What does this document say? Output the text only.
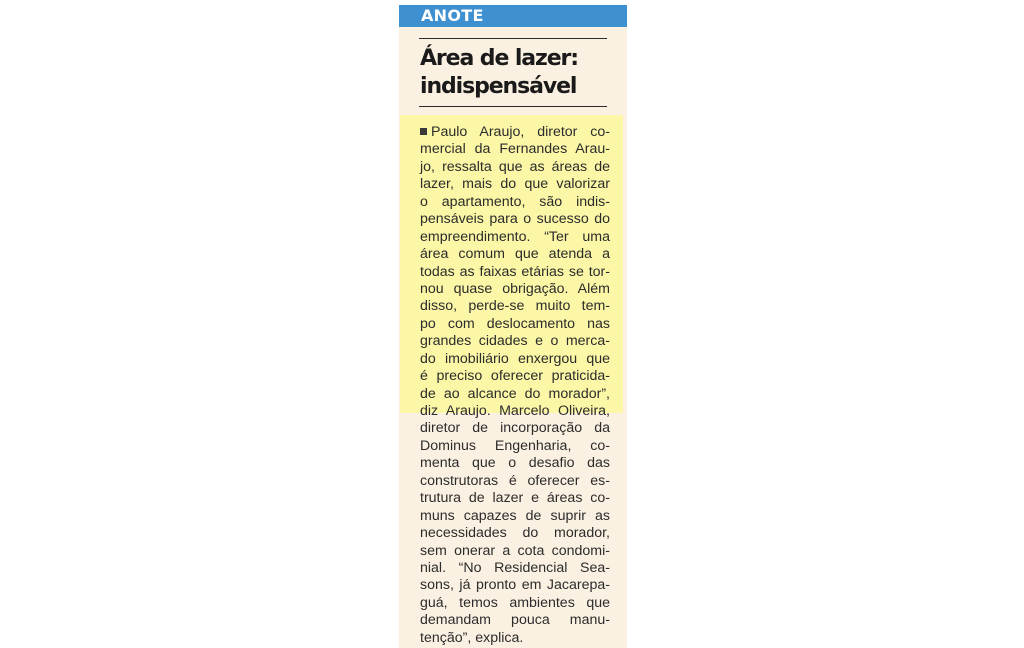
ANOTE
Área de lazer:
indispensável
Paulo Araujo, diretor co-
mercial da Fernandes Arau-
jo, ressalta que as áreas de
lazer, mais do que valorizar
o apartamento, são indis-
pensáveis para o sucesso do
empreendimento. “Ter uma
área comum que atenda a
todas as faixas etárias se tor-
nou quase obrigação. Além
disso, perde-se muito tem-
po com deslocamento nas
grandes cidades e o merca-
do imobiliário enxergou que
é preciso oferecer praticida-
de ao alcance do morador”,
diz Araujo. Marcelo Oliveira,
diretor de incorporação da
Dominus Engenharia, co-
menta que o desafio das
construtoras é oferecer es-
trutura de lazer e áreas co-
muns capazes de suprir as
necessidades do morador,
sem onerar a cota condomi-
nial. “No Residencial Sea-
sons, já pronto em Jacarepa-
guá, temos ambientes que
demandam pouca manu-
tenção”, explica.
